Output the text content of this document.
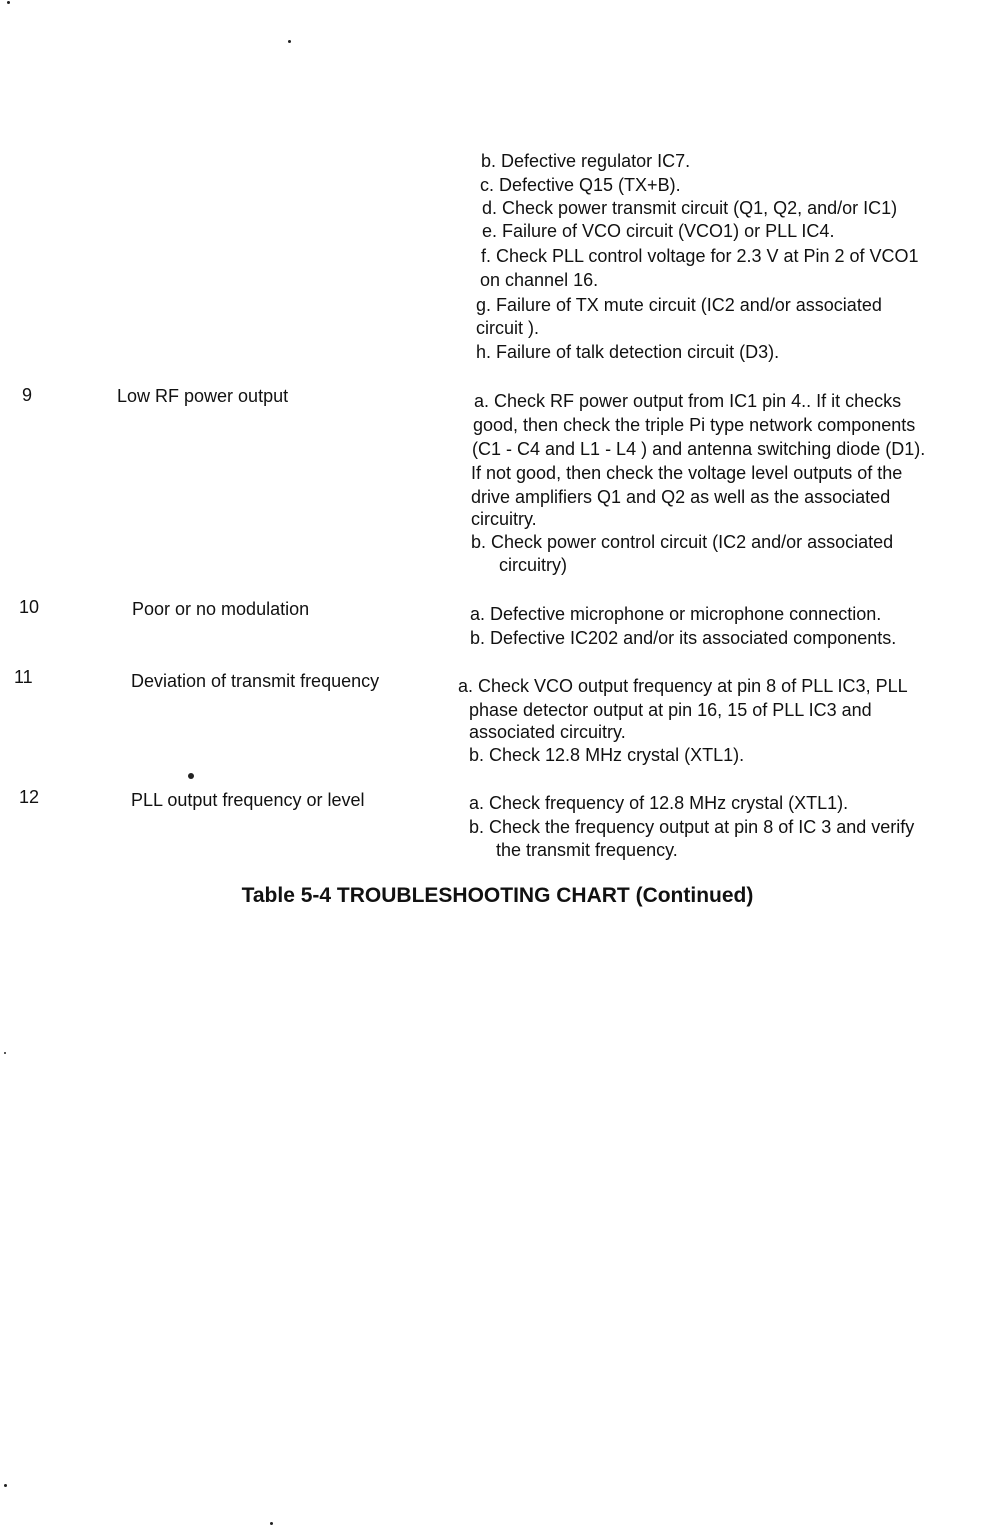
b. Defective regulator IC7.
c. Defective Q15 (TX+B).
d. Check power transmit circuit (Q1, Q2, and/or IC1)
e. Failure of VCO circuit (VCO1) or PLL IC4.
f. Check PLL control voltage for 2.3 V at Pin 2 of VCO1
on channel 16.
g. Failure of TX mute circuit (IC2 and/or associated
circuit ).
h. Failure of talk detection circuit (D3).
9	Low RF power output	a. Check RF power output from IC1 pin 4.. If it checks
good, then check the triple Pi type network components
(C1 - C4 and L1 - L4 ) and antenna switching diode (D1).
If not good, then check the voltage level outputs of the
drive amplifiers Q1 and Q2 as well as the associated
circuitry.
b. Check power control circuit (IC2 and/or associated
circuitry)
10	Poor or no modulation	a. Defective microphone or microphone connection.
b. Defective IC202 and/or its associated components.
11	Deviation of transmit frequency	a. Check VCO output frequency at pin 8 of PLL IC3, PLL
phase detector output at pin 16, 15 of PLL IC3 and
associated circuitry.
b. Check 12.8 MHz crystal (XTL1).
12	PLL output frequency or level	a. Check frequency of 12.8 MHz crystal (XTL1).
b. Check the frequency output at pin 8 of IC 3 and verify
the transmit frequency.
Table 5-4 TROUBLESHOOTING CHART (Continued)
